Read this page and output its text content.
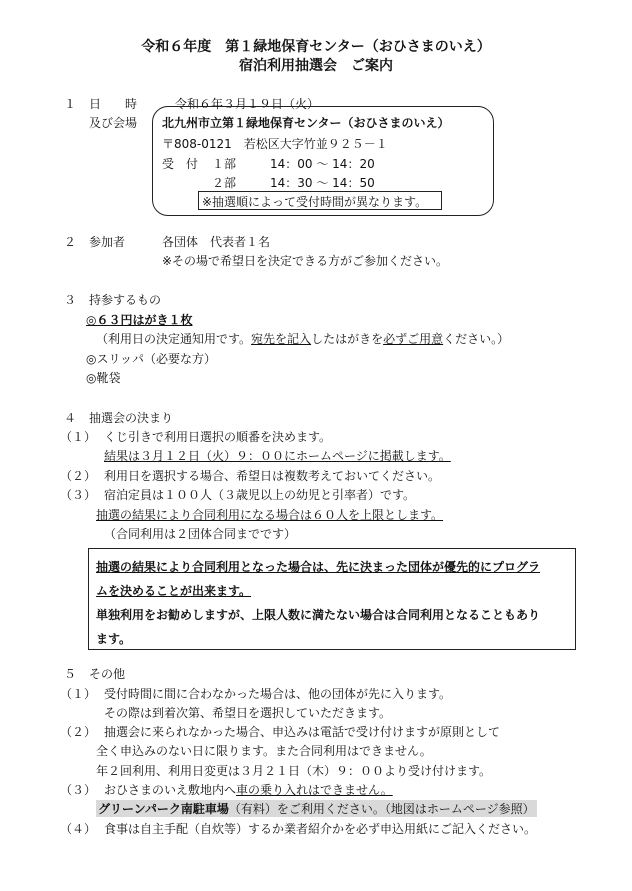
令和６年度　第１緑地保育センター（おひさまのいえ）
宿泊利用抽選会　ご案内
１ 日　　時	令和６年３月１９日（火）
及び会場 北九州市立第１緑地保育センター（おひさまのいえ）
〒808-0121　若松区大字竹並９２５－１
受　付 １部	14：00 ～ 14：20
２部	14：30 ～ 14：50
※抽選順によって受付時間が異なります。
２ 参加者	各団体　代表者１名
※その場で希望日を決定できる方がご参加ください。
３ 持参するもの
◎６３円はがき１枚
（利用日の決定通知用です。宛先を記入したはがきを必ずご用意ください。）
◎スリッパ（必要な方）
◎靴袋
４ 抽選会の決まり
（１） くじ引きで利用日選択の順番を決めます。
結果は３月１２日（火）９：００にホームページに掲載します。
（２） 利用日を選択する場合、希望日は複数考えておいてください。
（３） 宿泊定員は１００人（３歳児以上の幼児と引率者）です。
抽選の結果により合同利用になる場合は６０人を上限とします。
（合同利用は２団体合同までです）
抽選の結果により合同利用となった場合は、先に決まった団体が優先的にプログラ
ムを決めることが出来ます。
単独利用をお勧めしますが、上限人数に満たない場合は合同利用となることもあり
ます。
５ その他
（１） 受付時間に間に合わなかった場合は、他の団体が先に入ります。
その際は到着次第、希望日を選択していただきます。
（２） 抽選会に来られなかった場合、申込みは電話で受け付けますが原則として
全く申込みのない日に限ります。また合同利用はできません。
年２回利用、利用日変更は３月２１日（木）９：００より受け付けます。
（３） おひさまのいえ敷地内へ車の乗り入れはできません。
グリーンパーク南駐車場（有料）をご利用ください。（地図はホームページ参照）
（４） 食事は自主手配（自炊等）するか業者紹介かを必ず申込用紙にご記入ください。
